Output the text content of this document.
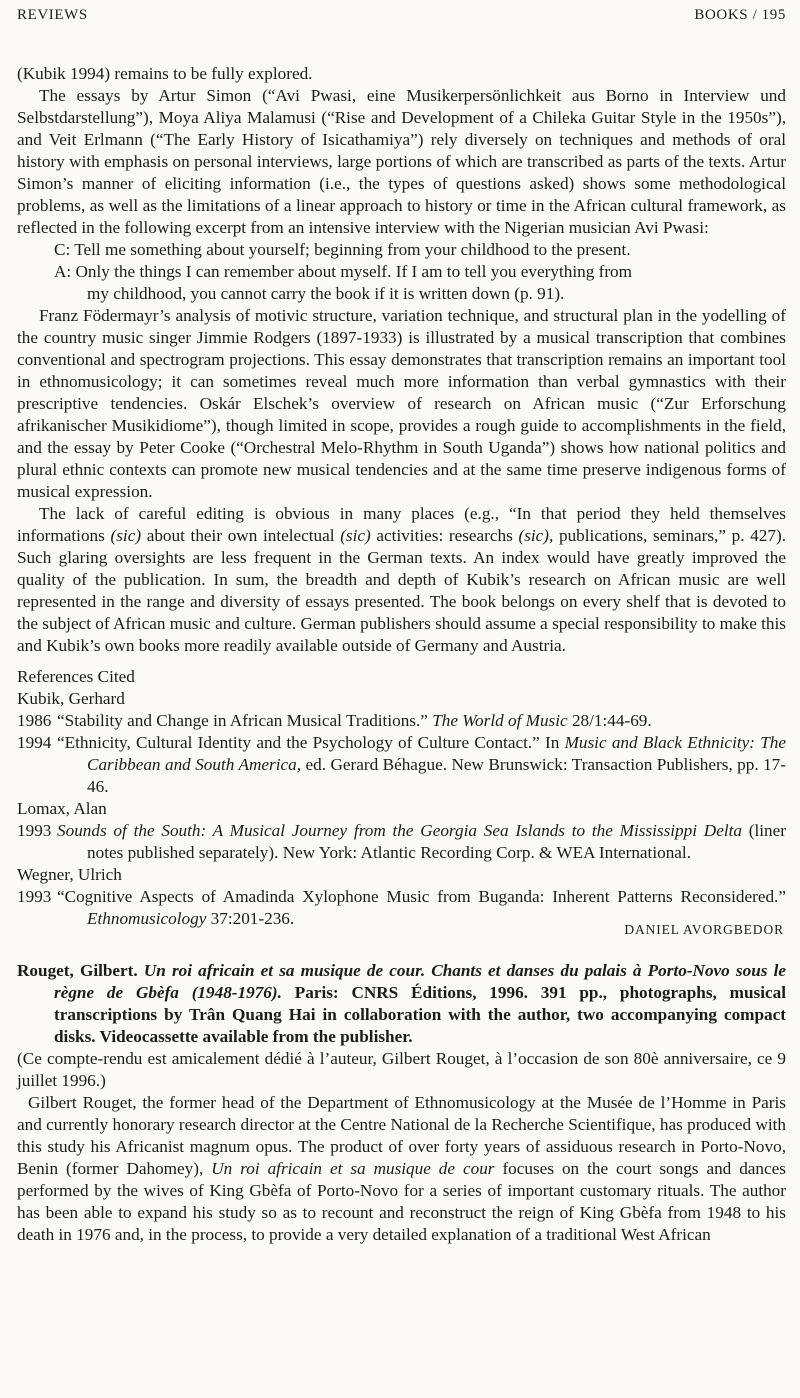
REVIEWS	BOOKS / 195

(Kubik 1994) remains to be fully explored.

The essays by Artur Simon (“Avi Pwasi, eine Musikerpersönlichkeit aus Borno in Interview und Selbstdarstellung”), Moya Aliya Malamusi (“Rise and Development of a Chileka Guitar Style in the 1950s”), and Veit Erlmann (“The Early History of Isicathamiya”) rely diversely on techniques and methods of oral history with emphasis on personal interviews, large portions of which are transcribed as parts of the texts. Artur Simon’s manner of eliciting information (i.e., the types of questions asked) shows some methodological problems, as well as the limitations of a linear approach to history or time in the African cultural framework, as reflected in the following excerpt from an intensive interview with the Nigerian musician Avi Pwasi:

C: Tell me something about yourself; beginning from your childhood to the present.
A: Only the things I can remember about myself. If I am to tell you everything from
my childhood, you cannot carry the book if it is written down (p. 91).

Franz Födermayr’s analysis of motivic structure, variation technique, and structural plan in the yodelling of the country music singer Jimmie Rodgers (1897-1933) is illustrated by a musical transcription that combines conventional and spectrogram projections. This essay demonstrates that transcription remains an important tool in ethnomusicology; it can sometimes reveal much more information than verbal gymnastics with their prescriptive tendencies. Oskár Elschek’s overview of research on African music (“Zur Erforschung afrikanischer Musikidiome”), though limited in scope, provides a rough guide to accomplishments in the field, and the essay by Peter Cooke (“Orchestral Melo-Rhythm in South Uganda”) shows how national politics and plural ethnic contexts can promote new musical tendencies and at the same time preserve indigenous forms of musical expression.

The lack of careful editing is obvious in many places (e.g., “In that period they held themselves informations (sic) about their own intelectual (sic) activities: researchs (sic), publications, seminars,” p. 427). Such glaring oversights are less frequent in the German texts. An index would have greatly improved the quality of the publication. In sum, the breadth and depth of Kubik’s research on African music are well represented in the range and diversity of essays presented. The book belongs on every shelf that is devoted to the subject of African music and culture. German publishers should assume a special responsibility to make this and Kubik’s own books more readily available outside of Germany and Austria.

References Cited
Kubik, Gerhard
1986 “Stability and Change in African Musical Traditions.” The World of Music 28/1:44-69.
1994 “Ethnicity, Cultural Identity and the Psychology of Culture Contact.” In Music and Black Ethnicity: The Caribbean and South America, ed. Gerard Béhague. New Brunswick: Transaction Publishers, pp. 17-46.
Lomax, Alan
1993 Sounds of the South: A Musical Journey from the Georgia Sea Islands to the Mississippi Delta (liner notes published separately). New York: Atlantic Recording Corp. & WEA International.
Wegner, Ulrich
1993 “Cognitive Aspects of Amadinda Xylophone Music from Buganda: Inherent Patterns Reconsidered.” Ethnomusicology 37:201-236.
DANIEL AVORGBEDOR
Rouget, Gilbert. Un roi africain et sa musique de cour. Chants et danses du palais à Porto-Novo sous le règne de Gbèfa (1948-1976). Paris: CNRS Éditions, 1996. 391 pp., photographs, musical transcriptions by Trân Quang Hai in collaboration with the author, two accompanying compact disks. Videocassette available from the publisher.

(Ce compte-rendu est amicalement dédié à l’auteur, Gilbert Rouget, à l’occasion de son 80è anniversaire, ce 9 juillet 1996.)

Gilbert Rouget, the former head of the Department of Ethnomusicology at the Musée de l’Homme in Paris and currently honorary research director at the Centre National de la Recherche Scientifique, has produced with this study his Africanist magnum opus. The product of over forty years of assiduous research in Porto-Novo, Benin (former Dahomey), Un roi africain et sa musique de cour focuses on the court songs and dances performed by the wives of King Gbèfa of Porto-Novo for a series of important customary rituals. The author has been able to expand his study so as to recount and reconstruct the reign of King Gbèfa from 1948 to his death in 1976 and, in the process, to provide a very detailed explanation of a traditional West African
